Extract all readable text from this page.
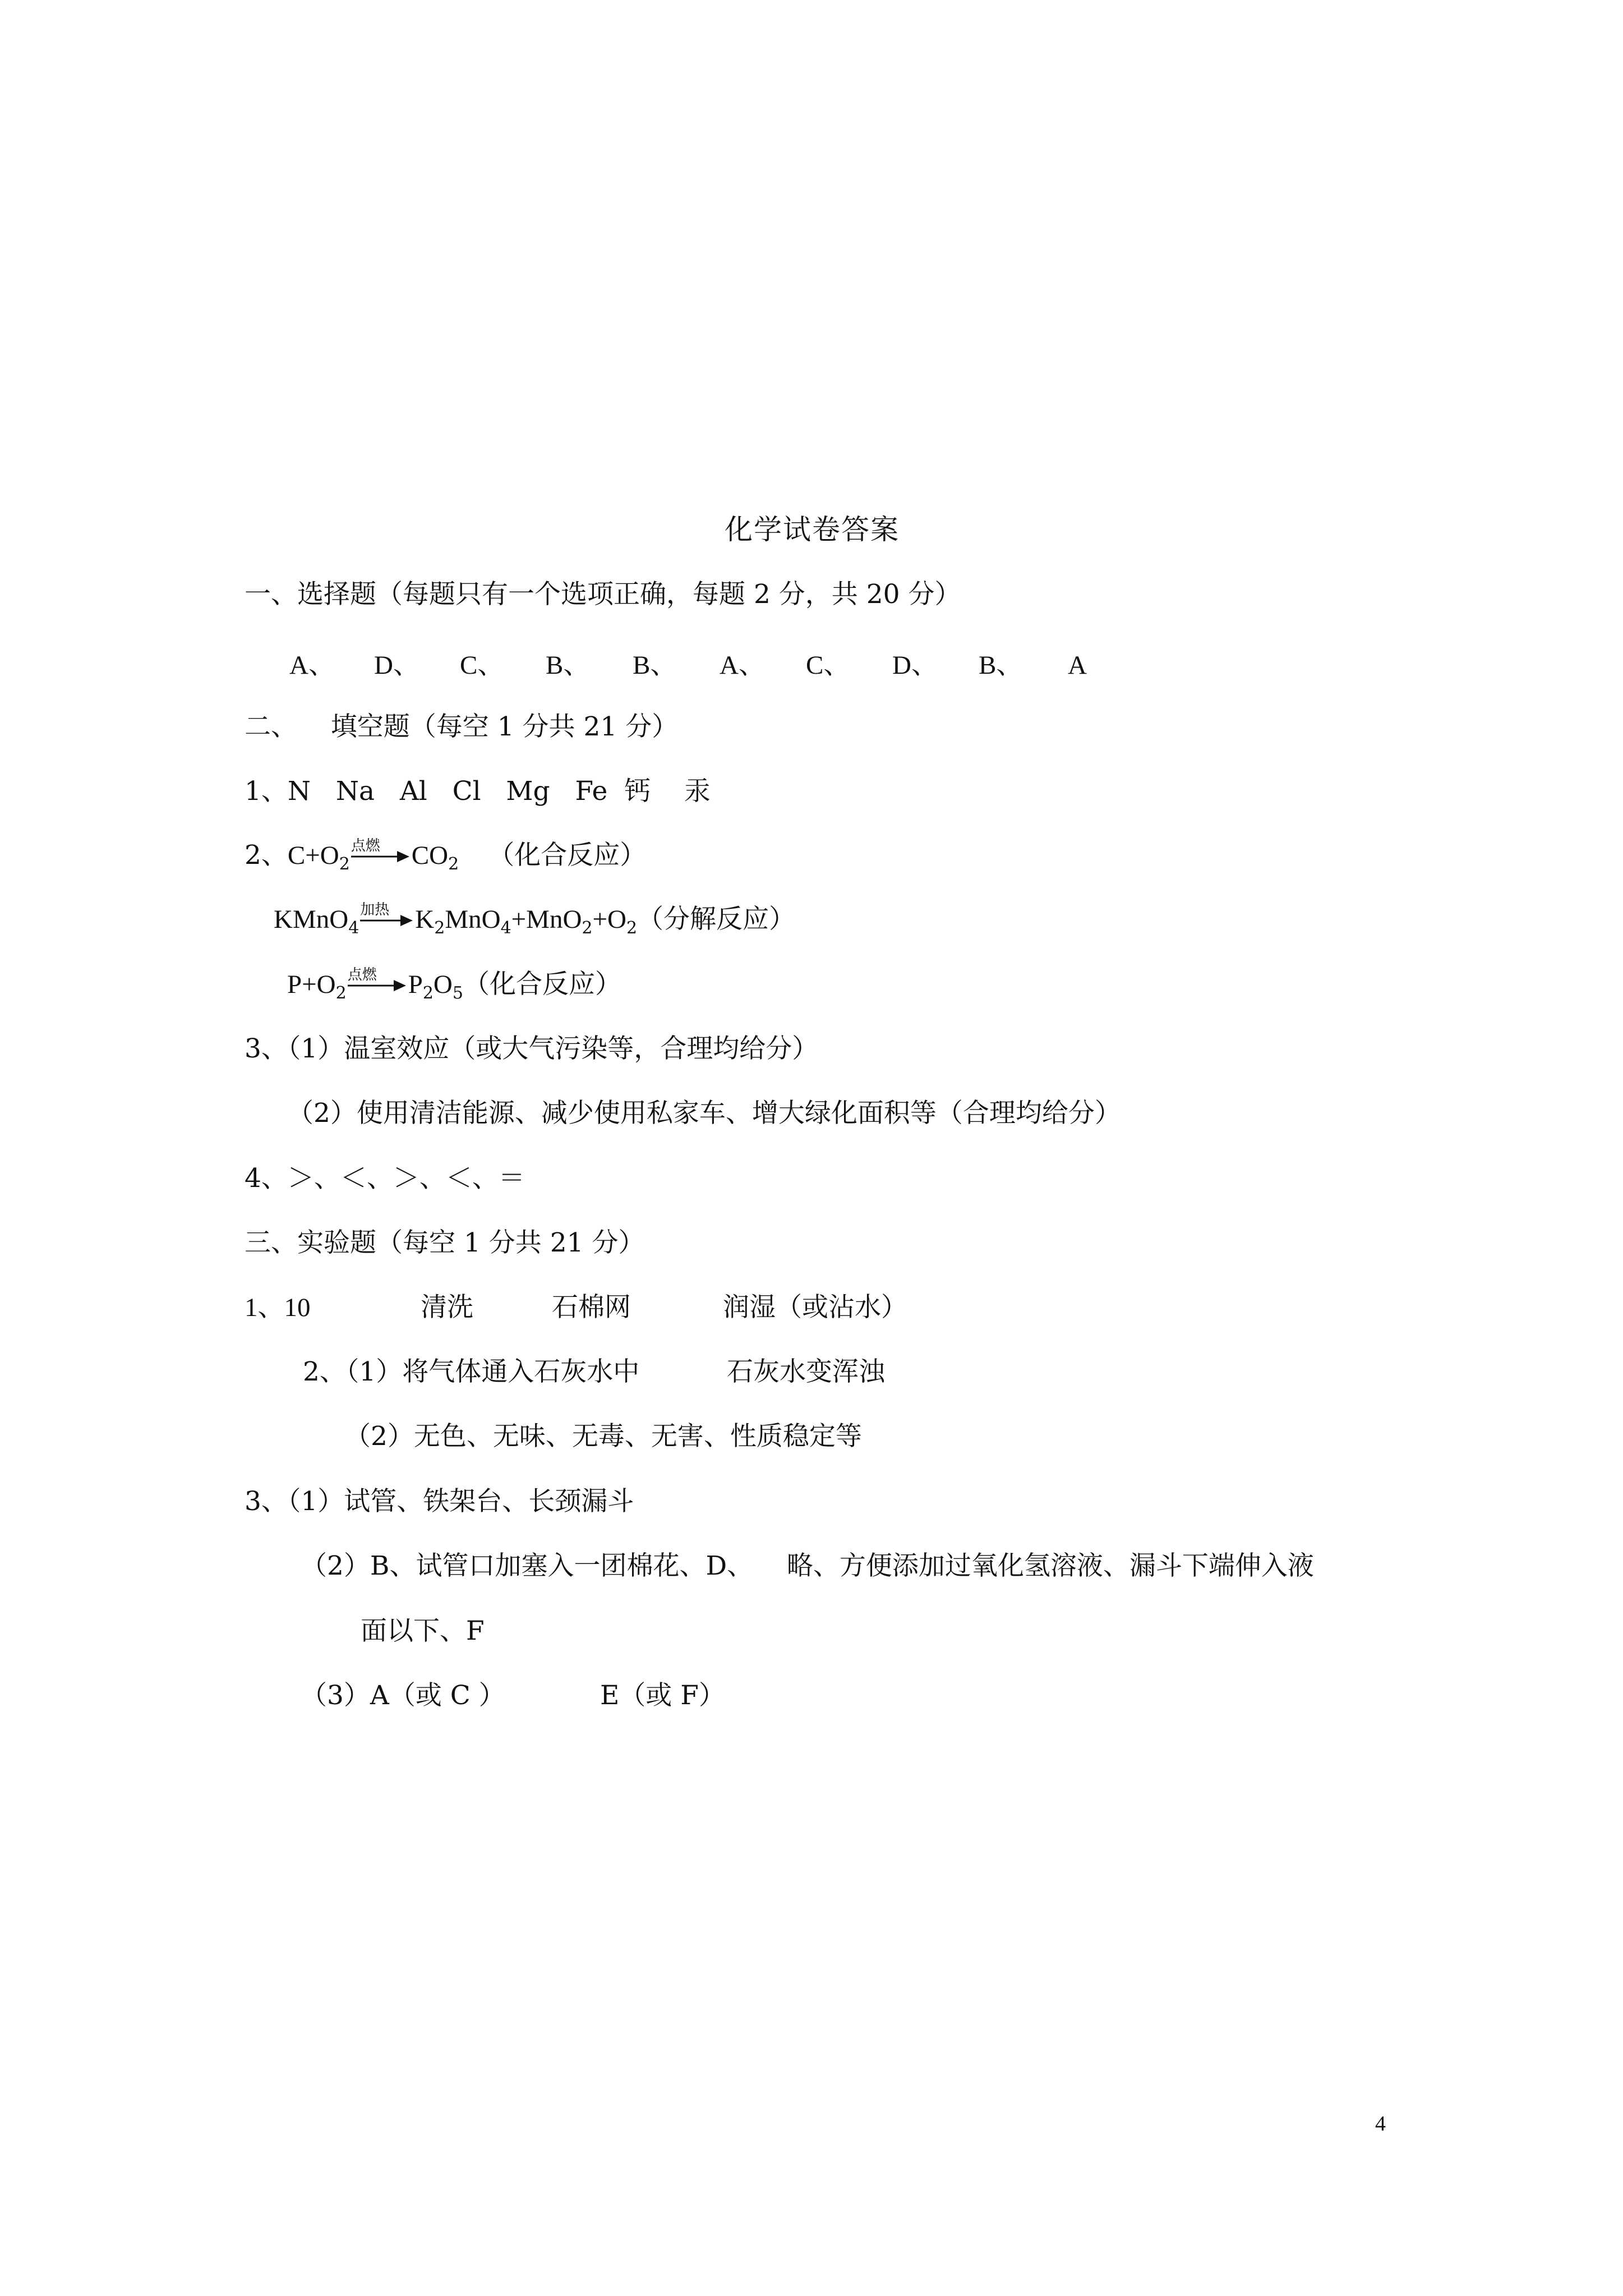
化学试卷答案
一、选择题（每题只有一个选项正确，每题 2 分，共 20 分）
A、 D、 C、 B、 B、 A、 C、 D、 B、 A
二、    填空题（每空 1 分共 21 分）
1、N   Na   Al   Cl   Mg   Fe  钙    汞
2、$C+O_2$
点燃 $CO_2$ （化合反应）
KMnO$_4$
加热 $K_2MnO_4+MnO_2+O_2$（分解反应）
$P+O_2$
点燃 $P_2O_5$（化合反应）
3、（1）温室效应（或大气污染等，合理均给分）
（2）使用清洁能源、减少使用私家车、增大绿化面积等（合理均给分）
4、＞、＜、＞、＜、＝
三、实验题（每空 1 分共 21 分）
1、10	清洗	石棉网	润湿（或沾水）
2、（1）将气体通入石灰水中	石灰水变浑浊
（2）无色、无味、无毒、无害、性质稳定等
3、（1）试管、铁架台、长颈漏斗
（2）B、试管口加塞入一团棉花、D、    略、方便添加过氧化氢溶液、漏斗下端伸入液
面以下、F
（3）A（或 C ）	E（或 F）
4
